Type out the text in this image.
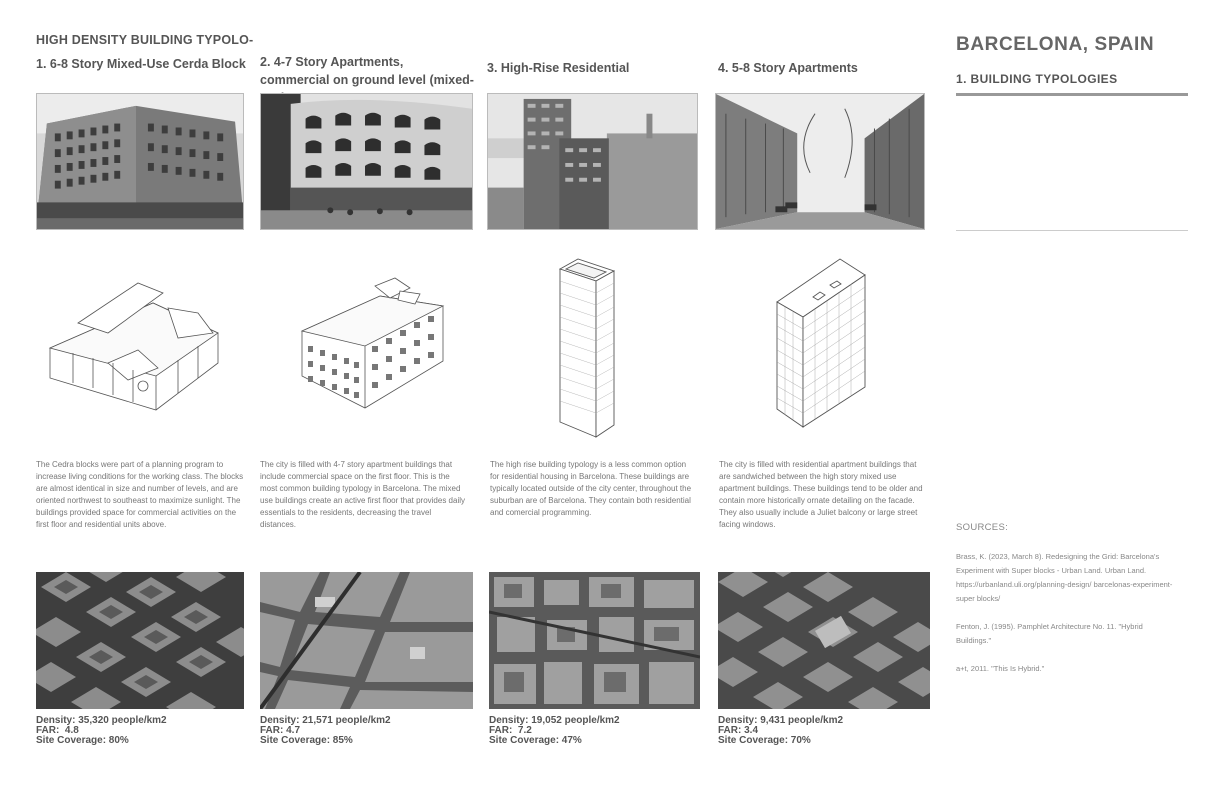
HIGH DENSITY BUILDING TYPOLO-
1. 6-8 Story Mixed-Use Cerda Block	2. 4-7 Story Apartments, commercial on ground level (mixed-
3. High-Rise Residential	4. 5-8 Story Apartments
The Cedra blocks were part of a planning program to increase living conditions for the working class. The blocks are almost identical in size and number of levels, and are oriented northwest to southeast to maximize sunlight. The buildings provided space for commercial activities on the first floor and residential units above.
The city is filled with 4-7 story apartment buildings that include commercial space on the first floor. This is the most common building typology in Barcelona. The mixed use buildings create an active first floor that provides daily essentials to the residents, decreasing the travel distances.
The high rise building typology is a less common option for residential housing in Barcelona. These buildings are typically located outside of the city center, throughout the suburban are of Barcelona. They contain both residential and comercial programming.
The city is filled with residential apartment buildings that are sandwiched between the high story mixed use apartment buildings. These buildings tend to be older and contain more historically ornate detailing on the facade. They also usually include a Juliet balcony or large street facing windows.
Density: 35,320 people/km2
FAR:  4.8
Site Coverage: 80%
Density: 21,571 people/km2
FAR: 4.7
Site Coverage: 85%
Density: 19,052 people/km2
FAR:  7.2
Site Coverage: 47%
Density: 9,431 people/km2
FAR: 3.4
Site Coverage: 70%
BARCELONA, SPAIN
1. BUILDING TYPOLOGIES
SOURCES:
Brass, K. (2023, March 8). Redesigning the Grid: Barcelona's Experiment with Super blocks - Urban Land. Urban Land. https://urbanland.uli.org/planning-design/ barcelonas-experiment-super blocks/
Fenton, J. (1995). Pamphlet Architecture No. 11. "Hybrid Buildings."
a+t, 2011. "This Is Hybrid."
